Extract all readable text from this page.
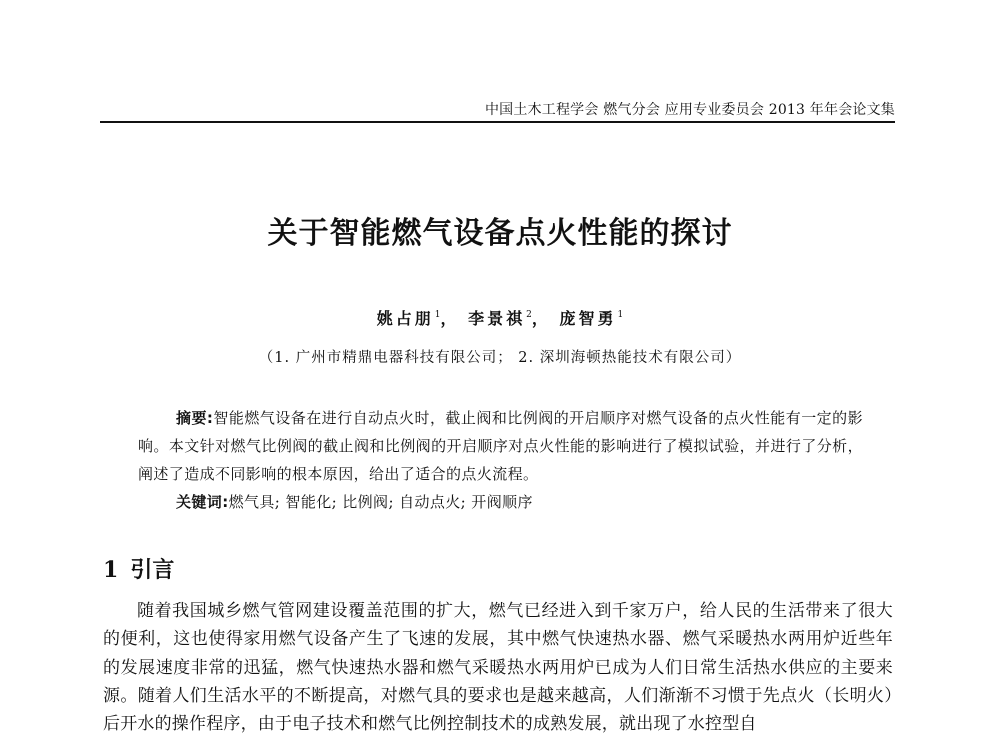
中国土木工程学会 燃气分会 应用专业委员会 2013 年年会论文集
关于智能燃气设备点火性能的探讨
姚占朋$^1$， 李景祺$^2$， 庞智勇$^1$
（1. 广州市精鼎电器科技有限公司； 2. 深圳海顿热能技术有限公司）
摘要:智能燃气设备在进行自动点火时，截止阀和比例阀的开启顺序对燃气设备的点火性能有一定的影响。本文针对燃气比例阀的截止阀和比例阀的开启顺序对点火性能的影响进行了模拟试验，并进行了分析，阐述了造成不同影响的根本原因，给出了适合的点火流程。
关键词:燃气具; 智能化; 比例阀; 自动点火; 开阀顺序
1 引言

随着我国城乡燃气管网建设覆盖范围的扩大，燃气已经进入到千家万户，给人民的生活带来了很大的便利，这也使得家用燃气设备产生了飞速的发展，其中燃气快速热水器、燃气采暖热水两用炉近些年的发展速度非常的迅猛，燃气快速热水器和燃气采暖热水两用炉已成为人们日常生活热水供应的主要来源。随着人们生活水平的不断提高，对燃气具的要求也是越来越高，人们渐渐不习惯于先点火（长明火）后开水的操作程序，由于电子技术和燃气比例控制技术的成熟发展，就出现了水控型自
